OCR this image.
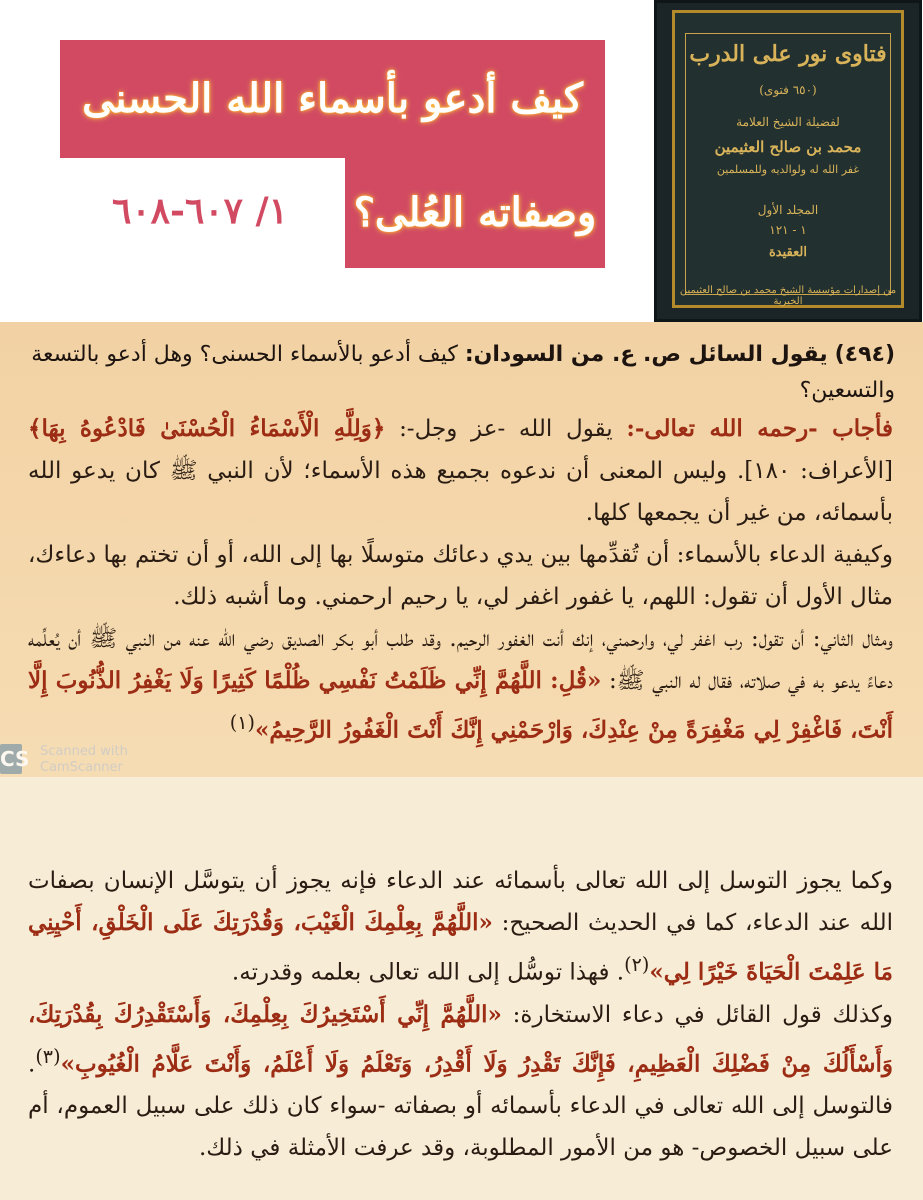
كيف أدعو بأسماء الله الحسنى
وصفاته العُلى؟
١/ ٦٠٧-٦٠٨
فتاوى نور على الدرب
(٦٥٠ فتوى)
لفضيلة الشيخ العلامة
محمد بن صالح العثيمين
غفر الله له ولوالديه وللمسلمين
المجلد الأول
١ - ١٢١
العقيدة
من إصدارات مؤسسة الشيخ محمد بن صالح العثيمين الخيرية
(٤٩٤) يقول السائل ص. ع. من السودان: كيف أدعو بالأسماء الحسنى؟ وهل أدعو بالتسعة والتسعين؟

فأجاب -رحمه الله تعالى-: يقول الله -عز وجل-: ﴿وَلِلَّهِ الْأَسْمَاءُ الْحُسْنَىٰ فَادْعُوهُ بِهَا﴾ [الأعراف: ١٨٠]. وليس المعنى أن ندعوه بجميع هذه الأسماء؛ لأن النبي ﷺ كان يدعو الله بأسمائه، من غير أن يجمعها كلها.

وكيفية الدعاء بالأسماء: أن تُقدِّمها بين يدي دعائك متوسلًا بها إلى الله، أو أن تختم بها دعاءك، مثال الأول أن تقول: اللهم، يا غفور اغفر لي، يا رحيم ارحمني. وما أشبه ذلك.

ومثال الثاني: أن تقول: رب اغفر لي، وارحمني، إنك أنت الغفور الرحيم. وقد طلب أبو بكر الصديق رضي الله عنه من النبي ﷺ أن يُعلِّمه دعاءً يدعو به في صلاته، فقال له النبي ﷺ: «قُلِ: اللَّهُمَّ إِنِّي ظَلَمْتُ نَفْسِي ظُلْمًا كَثِيرًا وَلَا يَغْفِرُ الذُّنُوبَ إِلَّا أَنْتَ، فَاغْفِرْ لِي مَغْفِرَةً مِنْ عِنْدِكَ، وَارْحَمْنِي إِنَّكَ أَنْتَ الْغَفُورُ الرَّحِيمُ»$^{(١)}$

وكما يجوز التوسل إلى الله تعالى بأسمائه عند الدعاء فإنه يجوز أن يتوسَّل الإنسان بصفات الله عند الدعاء، كما في الحديث الصحيح: «اللَّهُمَّ بِعِلْمِكَ الْغَيْبَ، وَقُدْرَتِكَ عَلَى الْخَلْقِ، أَحْيِنِي مَا عَلِمْتَ الْحَيَاةَ خَيْرًا لِي»$^{(٢)}$. فهذا توسُّل إلى الله تعالى بعلمه وقدرته.

وكذلك قول القائل في دعاء الاستخارة: «اللَّهُمَّ إِنِّي أَسْتَخِيرُكَ بِعِلْمِكَ، وَأَسْتَقْدِرُكَ بِقُدْرَتِكَ، وَأَسْأَلُكَ مِنْ فَضْلِكَ الْعَظِيمِ، فَإِنَّكَ تَقْدِرُ وَلَا أَقْدِرُ، وَتَعْلَمُ وَلَا أَعْلَمُ، وَأَنْتَ عَلَّامُ الْغُيُوبِ»$^{(٣)}$. فالتوسل إلى الله تعالى في الدعاء بأسمائه أو بصفاته -سواء كان ذلك على سبيل العموم، أم على سبيل الخصوص- هو من الأمور المطلوبة، وقد عرفت الأمثلة في ذلك.

CS Scanned with
CamScanner
